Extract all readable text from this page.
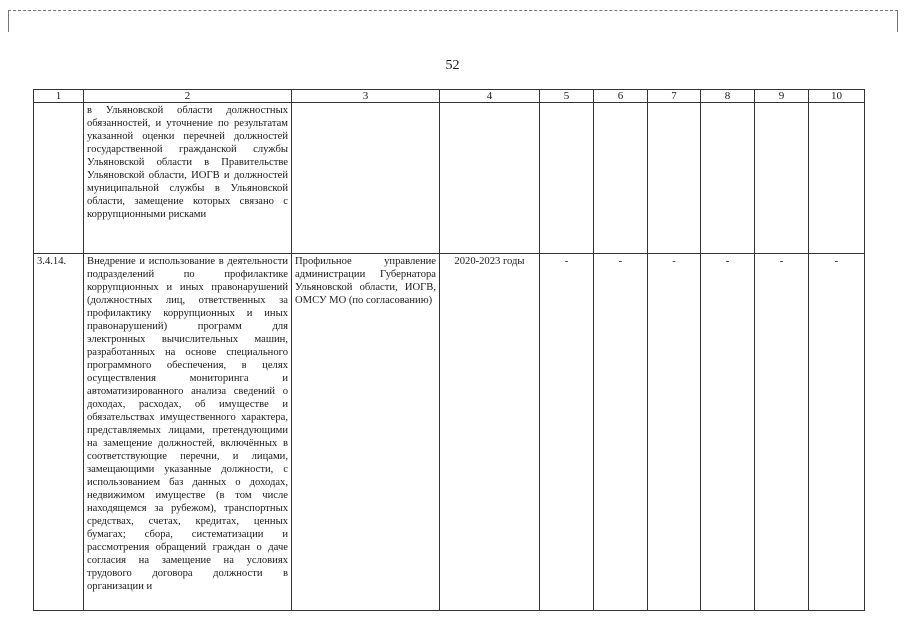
52
1	2	3	4	5	6	7	8	9	10

	в Ульяновской области должностных обязанностей, и уточнение по результатам указанной оценки перечней должностей государственной гражданской службы Ульяновской области в Правительстве Ульяновской области, ИОГВ и должностей муниципальной службы в Ульяновской области, замещение которых связано с коррупционными рисками								

3.4.14.	Внедрение и использование в деятельности подразделений по профилактике коррупционных и иных правонарушений (должностных лиц, ответственных за профилактику коррупционных и иных правонарушений) программ для электронных вычислительных машин, разработанных на основе специального программного обеспечения, в целях осуществления мониторинга и автоматизированного анализа сведений о доходах, расходах, об имуществе и обязательствах имущественного характера, представляемых лицами, претендующими на замещение должностей, включённых в соответствующие перечни, и лицами, замещающими указанные должности, с использованием баз данных о доходах, недвижимом имуществе (в том числе находящемся за рубежом), транспортных средствах, счетах, кредитах, ценных бумагах; сбора, систематизации и рассмотрения обращений граждан о даче согласия на замещение на условиях трудового договора должности в организации и	Профильное управление администрации Губернатора Ульяновской области, ИОГВ, ОМСУ МО (по согласованию)	2020-2023 годы	-	-	-	-	-	-
